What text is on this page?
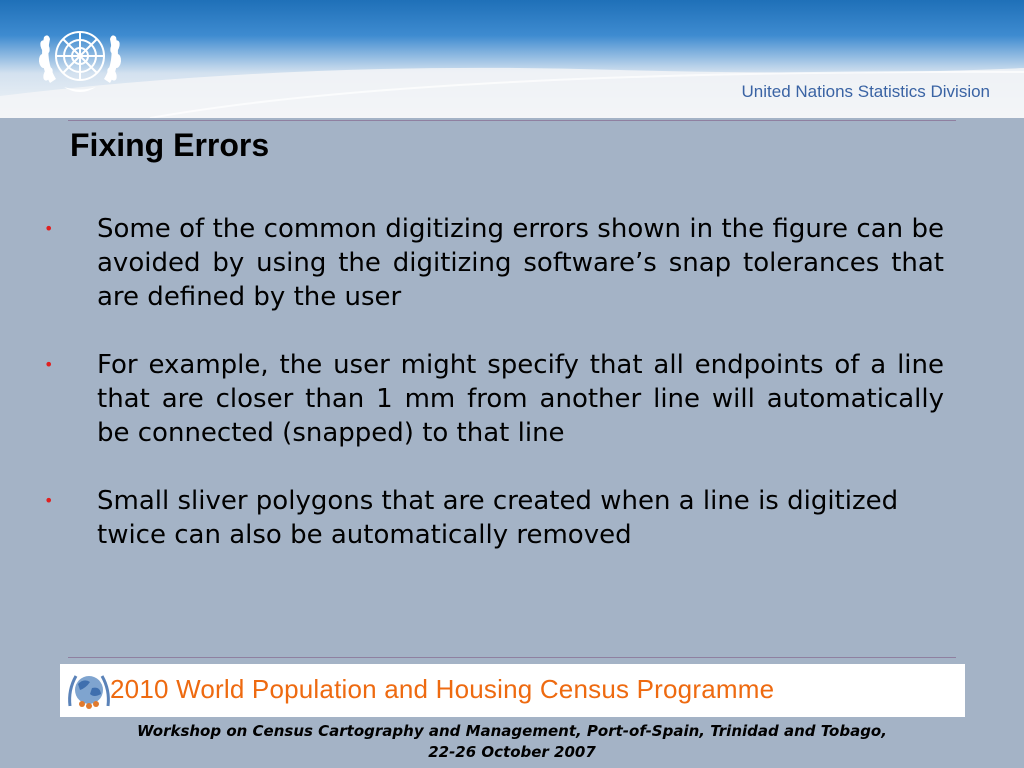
United Nations Statistics Division
Fixing Errors
•	Some of the common digitizing errors shown in the figure can be avoided by using the digitizing software’s snap tolerances that are defined by the user
•	For example, the user might specify that all endpoints of a line that are closer than 1 mm from another line will automatically be connected (snapped) to that line
•	Small sliver polygons that are created when a line is digitized twice can also be automatically removed
2010 World Population and Housing Census Programme
Workshop on Census Cartography and Management, Port-of-Spain, Trinidad and Tobago,
22-26 October 2007
